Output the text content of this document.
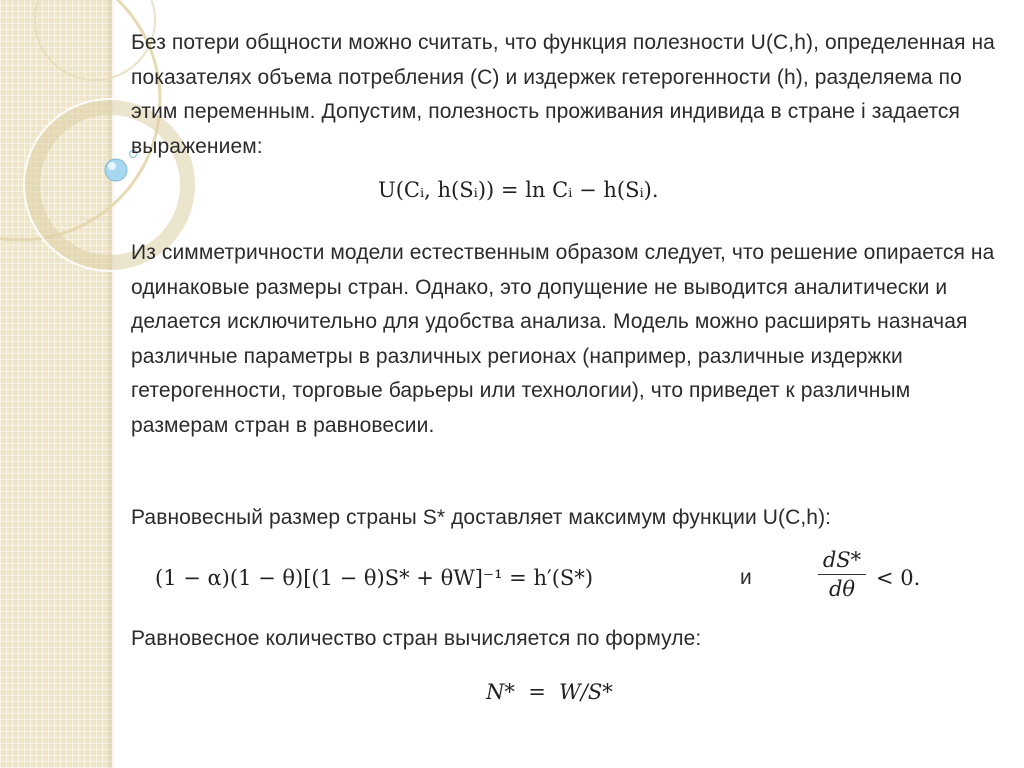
Без потери общности можно считать, что функция полезности U(C,h), определенная на показателях объема потребления (C) и издержек гетерогенности (h), разделяема по этим переменным. Допустим, полезность проживания индивида в стране i задается выражением:

U(Cᵢ, h(Sᵢ)) = ln Cᵢ − h(Sᵢ).

Из симметричности модели естественным образом следует, что решение опирается на одинаковые размеры стран. Однако, это допущение не выводится аналитически и делается исключительно для удобства анализа. Модель можно расширять назначая различные параметры в различных регионах (например, различные издержки гетерогенности, торговые барьеры или технологии), что приведет к различным размерам стран в равновесии.

Равновесный размер страны S* доставляет максимум функции U(C,h):

(1 − α)(1 − θ)[(1 − θ)S* + θW]⁻¹ = h′(S*)	и	$\frac{dS*}{d\theta} < 0$.

Равновесное количество стран вычисляется по формуле:

N*  =  W/S*
